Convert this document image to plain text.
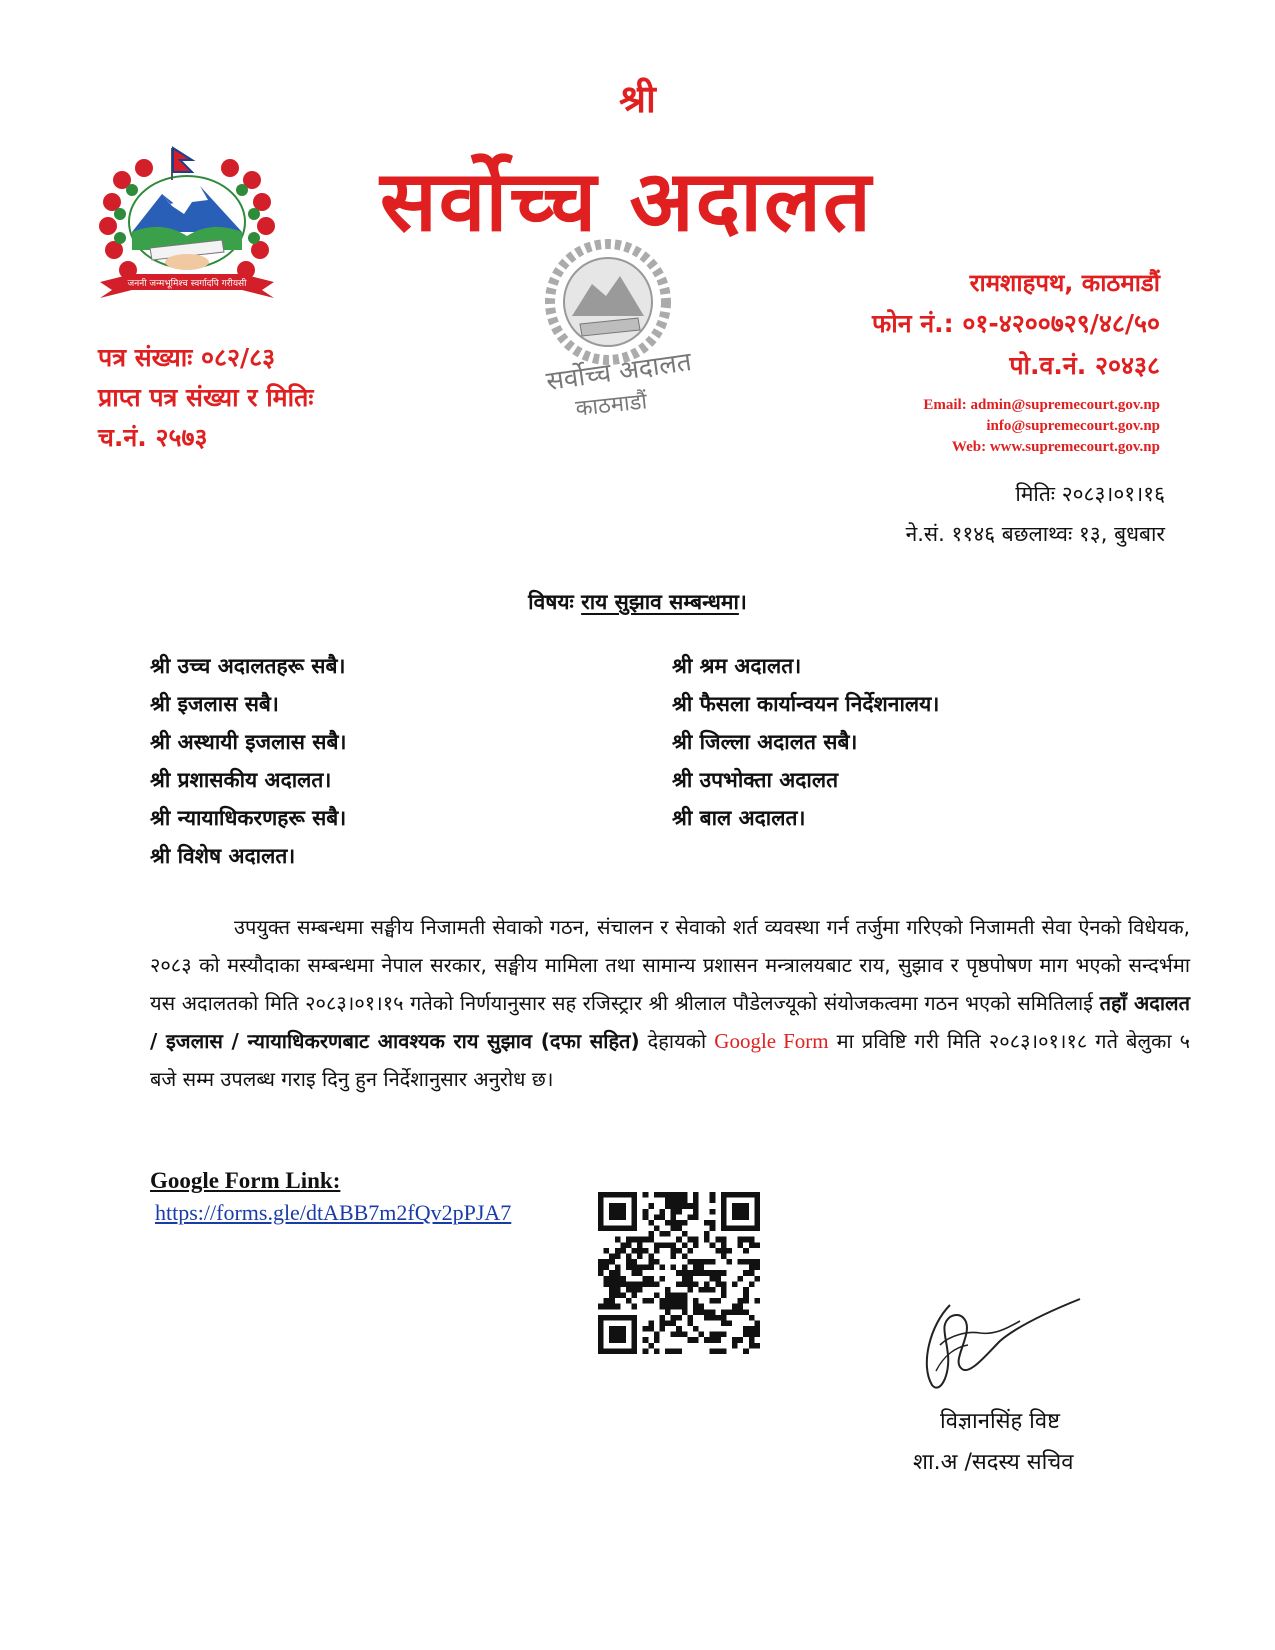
श्री
सर्वोच्च अदालत
जननी जन्मभूमिश्च स्वर्गादपि गरीयसी
सर्वोच्च अदालत
काठमाडौं
पत्र संख्याः ०८२/८३
प्राप्त पत्र संख्या र मितिः
च.नं. २५७३
रामशाहपथ, काठमाडौं
फोन नं.: ०१-४२००७२९/४८/५०
पो.व.नं. २०४३८
Email: admin@supremecourt.gov.np
info@supremecourt.gov.np
Web: www.supremecourt.gov.np
मितिः २०८३।०१।१६
ने.सं. ११४६ बछलाथ्वः १३, बुधबार
विषयः राय सुझाव सम्बन्धमा।
श्री उच्च अदालतहरू सबै।
श्री इजलास सबै।
श्री अस्थायी इजलास सबै।
श्री प्रशासकीय अदालत।
श्री न्यायाधिकरणहरू सबै।
श्री विशेष अदालत।
श्री श्रम अदालत।
श्री फैसला कार्यान्वयन निर्देशनालय।
श्री जिल्ला अदालत सबै।
श्री उपभोक्ता अदालत
श्री बाल अदालत।
उपयुक्त सम्बन्धमा सङ्घीय निजामती सेवाको गठन, संचालन र सेवाको शर्त व्यवस्था गर्न तर्जुमा गरिएको निजामती सेवा ऐनको विधेयक, २०८३ को मस्यौदाका सम्बन्धमा नेपाल सरकार, सङ्घीय मामिला तथा सामान्य प्रशासन मन्त्रालयबाट राय, सुझाव र पृष्ठपोषण माग भएको सन्दर्भमा यस अदालतको मिति २०८३।०१।१५ गतेको निर्णयानुसार सह रजिस्ट्रार श्री श्रीलाल पौडेलज्यूको संयोजकत्वमा गठन भएको समितिलाई तहाँ अदालत / इजलास / न्यायाधिकरणबाट आवश्यक राय सुझाव (दफा सहित) देहायको Google Form मा प्रविष्टि गरी मिति २०८३।०१।१८ गते बेलुका ५ बजे सम्म उपलब्ध गराइ दिनु हुन निर्देशानुसार अनुरोध छ।
Google Form Link:
https://forms.gle/dtABB7m2fQv2pPJA7
विज्ञानसिंह विष्ट
शा.अ /सदस्य सचिव
